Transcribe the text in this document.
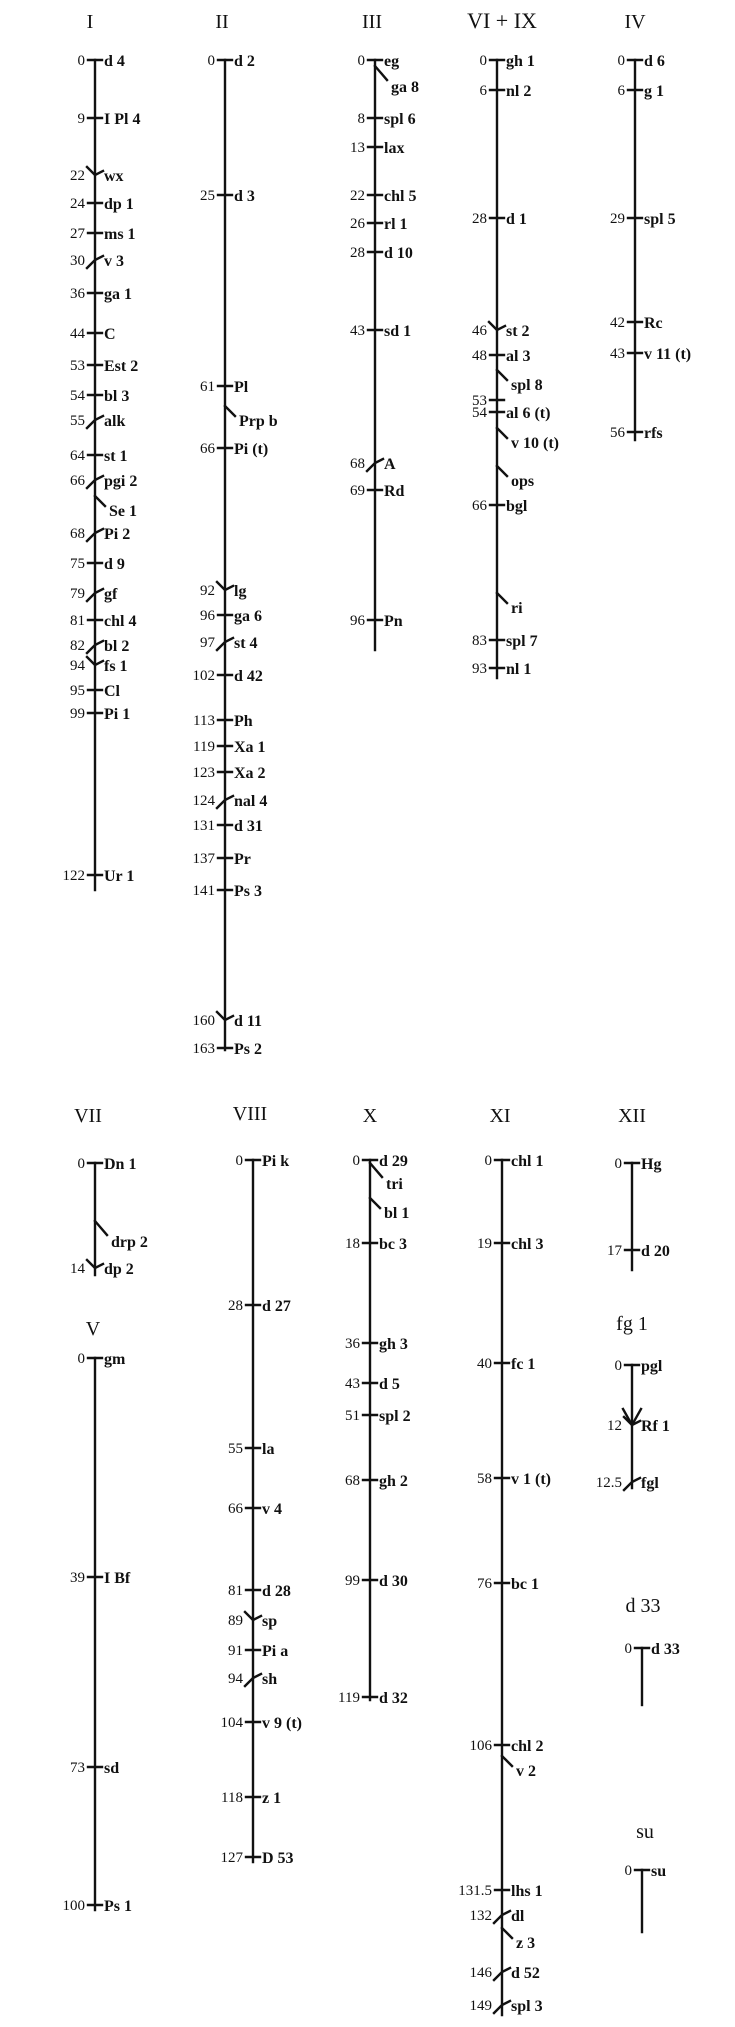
I
0 d 4
9 I Pl 4
22 wx
24 dp 1
27 ms 1
30 v 3
36 ga 1
44 C
53 Est 2
54 bl 3
55 alk
64 st 1
66 pgi 2
Se 1
68 Pi 2
75 d 9
79 gf
81 chl 4
82 bl 2
94 fs 1
95 Cl
99 Pi 1
122 Ur 1
II
0 d 2
25 d 3
61 Pl
Prp b
66 Pi (t)
92 lg
96 ga 6
97 st 4
102 d 42
113 Ph
119 Xa 1
123 Xa 2
124 nal 4
131 d 31
137 Pr
141 Ps 3
160 d 11
163 Ps 2
III
0 eg
ga 8
8 spl 6
13 lax
22 chl 5
26 rl 1
28 d 10
43 sd 1
68 A
69 Rd
96 Pn
VI + IX
0 gh 1
6 nl 2
28 d 1
46 st 2
48 al 3
spl 8
53
54 al 6 (t)
v 10 (t)
ops
66 bgl
ri
83 spl 7
93 nl 1
IV
0 d 6
6 g 1
29 spl 5
42 Rc
43 v 11 (t)
56 rfs
VII
0 Dn 1
drp 2
14 dp 2
V
0 gm
39 I Bf
73 sd
100 Ps 1
VIII
0 Pi k
28 d 27
55 la
66 v 4
81 d 28
89 sp
91 Pi a
94 sh
104 v 9 (t)
118 z 1
127 D 53
X
0 d 29
tri
bl 1
18 bc 3
36 gh 3
43 d 5
51 spl 2
68 gh 2
99 d 30
119 d 32
XI
0 chl 1
19 chl 3
40 fc 1
58 v 1 (t)
76 bc 1
106 chl 2
v 2
131.5 lhs 1
132 dl
z 3
146 d 52
149 spl 3
XII
0 Hg
17 d 20
fg 1
0 pgl
12 Rf 1
12.5 fgl
d 33
0 d 33
su
0 su
